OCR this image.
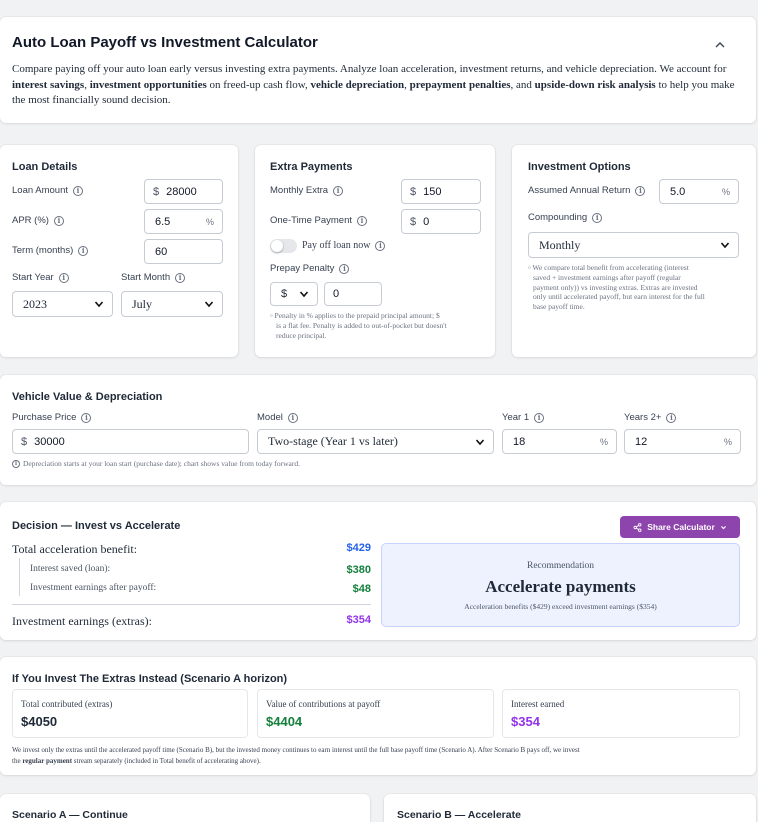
Auto Loan Payoff vs Investment Calculator
Compare paying off your auto loan early versus investing extra payments. Analyze loan acceleration, investment returns, and vehicle depreciation. We account for interest savings, investment opportunities on freed-up cash flow, vehicle depreciation, prepayment penalties, and upside-down risk analysis to help you make the most financially sound decision.
Loan Details
Loan Amount	i	$ 28000
APR (%)	i	6.5	%
Term (months)	i	60
Start Year	i	Start Month	i
2023	July
Extra Payments
Monthly Extra	i	$ 150
One-Time Payment	i	$ 0
Pay off loan now	i
Prepay Penalty	i
$	0
▫ Penalty in % applies to the prepaid principal amount; $
is a flat fee. Penalty is added to out-of-pocket but doesn't
reduce principal.
Investment Options
Assumed Annual Return	i	5.0	%
Compounding	i
Monthly
▫ We compare total benefit from accelerating (interest
saved + investment earnings after payoff (regular
payment only)) vs investing extras. Extras are invested
only until accelerated payoff, but earn interest for the full
base payoff time.
Vehicle Value & Depreciation
Purchase Price	i
$ 30000
Model	i
Two-stage (Year 1 vs later)
Year 1	i
18	%
Years 2+	i
12	%
i Depreciation starts at your loan start (purchase date); chart shows value from today forward.
Decision — Invest vs Accelerate	Share Calculator
Total acceleration benefit:	$429
Interest saved (loan):	$380
Investment earnings after payoff:	$48
Investment earnings (extras):	$354
Recommendation
Accelerate payments
Acceleration benefits ($429) exceed investment earnings ($354)
If You Invest The Extras Instead (Scenario A horizon)
Total contributed (extras)
$4050
Value of contributions at payoff
$4404
Interest earned
$354
We invest only the extras until the accelerated payoff time (Scenario B), but the invested money continues to earn interest until the full base payoff time (Scenario A). After Scenario B pays off, we invest
the regular payment stream separately (included in Total benefit of accelerating above).
Scenario A — Continue	Scenario B — Accelerate
